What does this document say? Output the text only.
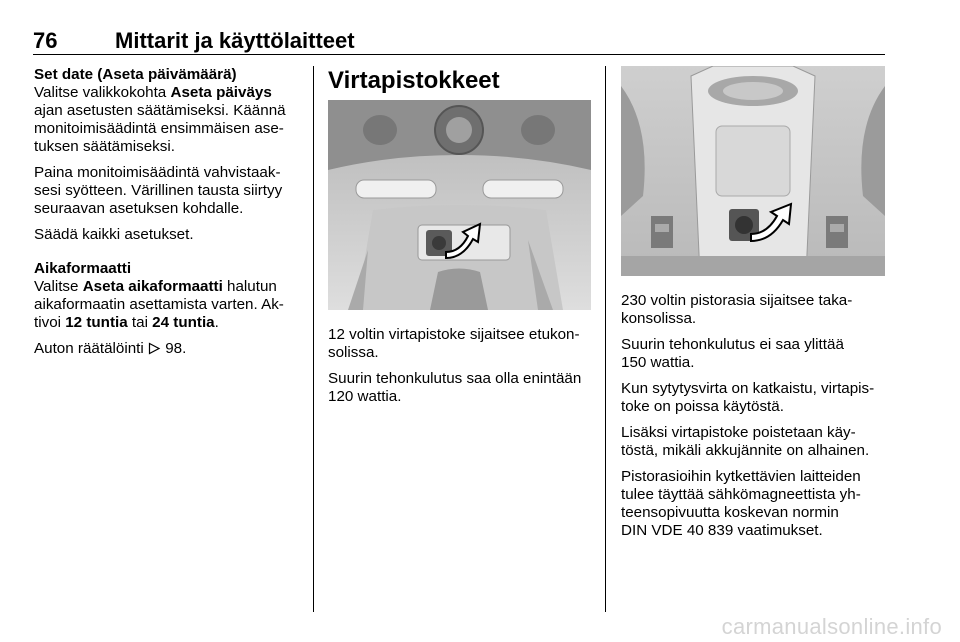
76	Mittarit ja käyttölaitteet
Set date (Aseta päivämäärä)

Valitse valikkokohta Aseta päiväys
ajan asetusten säätämiseksi. Käännä
monitoimisäädintä ensimmäisen ase-
tuksen säätämiseksi.

Paina monitoimisäädintä vahvistaak-
sesi syötteen. Värillinen tausta siirtyy
seuraavan asetuksen kohdalle.

Säädä kaikki asetukset.

Aikaformaatti

Valitse Aseta aikaformaatti halutun
aikaformaatin asettamista varten. Ak-
tivoi 12 tuntia tai 24 tuntia.

Auton räätälöinti  98.

Virtapistokkeet

12 voltin virtapistoke sijaitsee etukon-
solissa.

Suurin tehonkulutus saa olla enintään
120 wattia.

230 voltin pistorasia sijaitsee taka-
konsolissa.

Suurin tehonkulutus ei saa ylittää
150 wattia.

Kun sytytysvirta on katkaistu, virtapis-
toke on poissa käytöstä.

Lisäksi virtapistoke poistetaan käy-
töstä, mikäli akkujännite on alhainen.

Pistorasioihin kytkettävien laitteiden
tulee täyttää sähkömagneettista yh-
teensopivuutta koskevan normin
DIN VDE 40 839 vaatimukset.

carmanualsonline.info
